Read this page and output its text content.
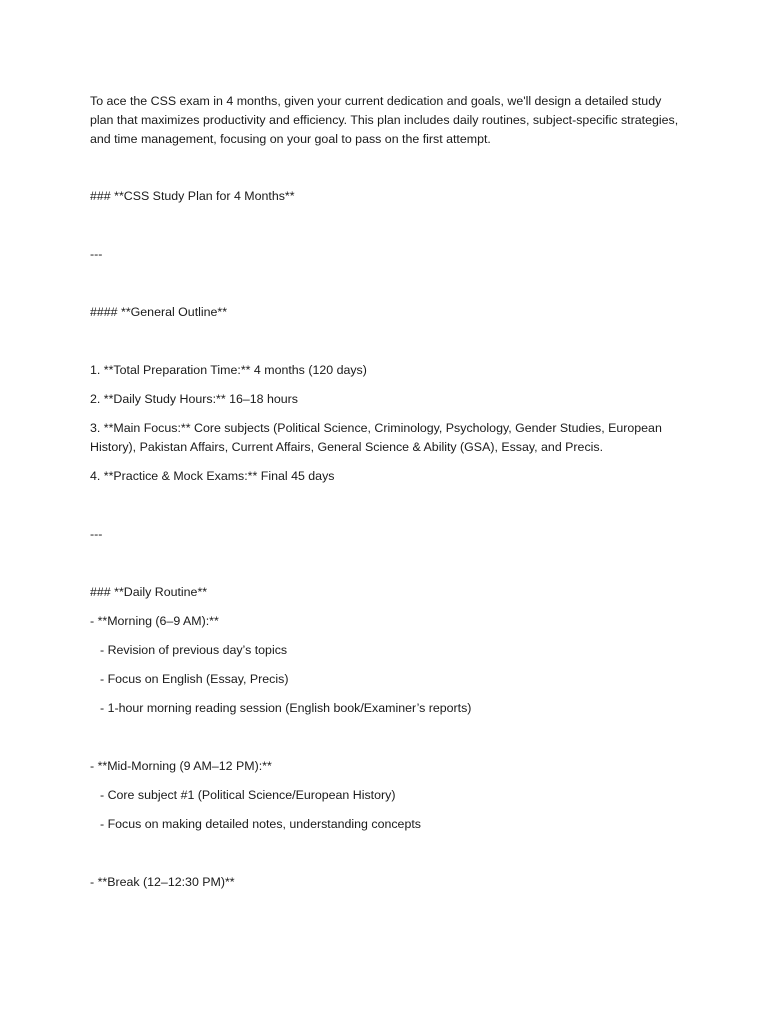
To ace the CSS exam in 4 months, given your current dedication and goals, we'll design a detailed study plan that maximizes productivity and efficiency. This plan includes daily routines, subject-specific strategies, and time management, focusing on your goal to pass on the first attempt.

### **CSS Study Plan for 4 Months**

---

#### **General Outline**

1. **Total Preparation Time:** 4 months (120 days)

2. **Daily Study Hours:** 16–18 hours

3. **Main Focus:** Core subjects (Political Science, Criminology, Psychology, Gender Studies, European History), Pakistan Affairs, Current Affairs, General Science & Ability (GSA), Essay, and Precis.

4. **Practice & Mock Exams:** Final 45 days

---

### **Daily Routine**

- **Morning (6–9 AM):**

- Revision of previous day’s topics

- Focus on English (Essay, Precis)

- 1-hour morning reading session (English book/Examiner’s reports)

- **Mid-Morning (9 AM–12 PM):**

- Core subject #1 (Political Science/European History)

- Focus on making detailed notes, understanding concepts

- **Break (12–12:30 PM)**
